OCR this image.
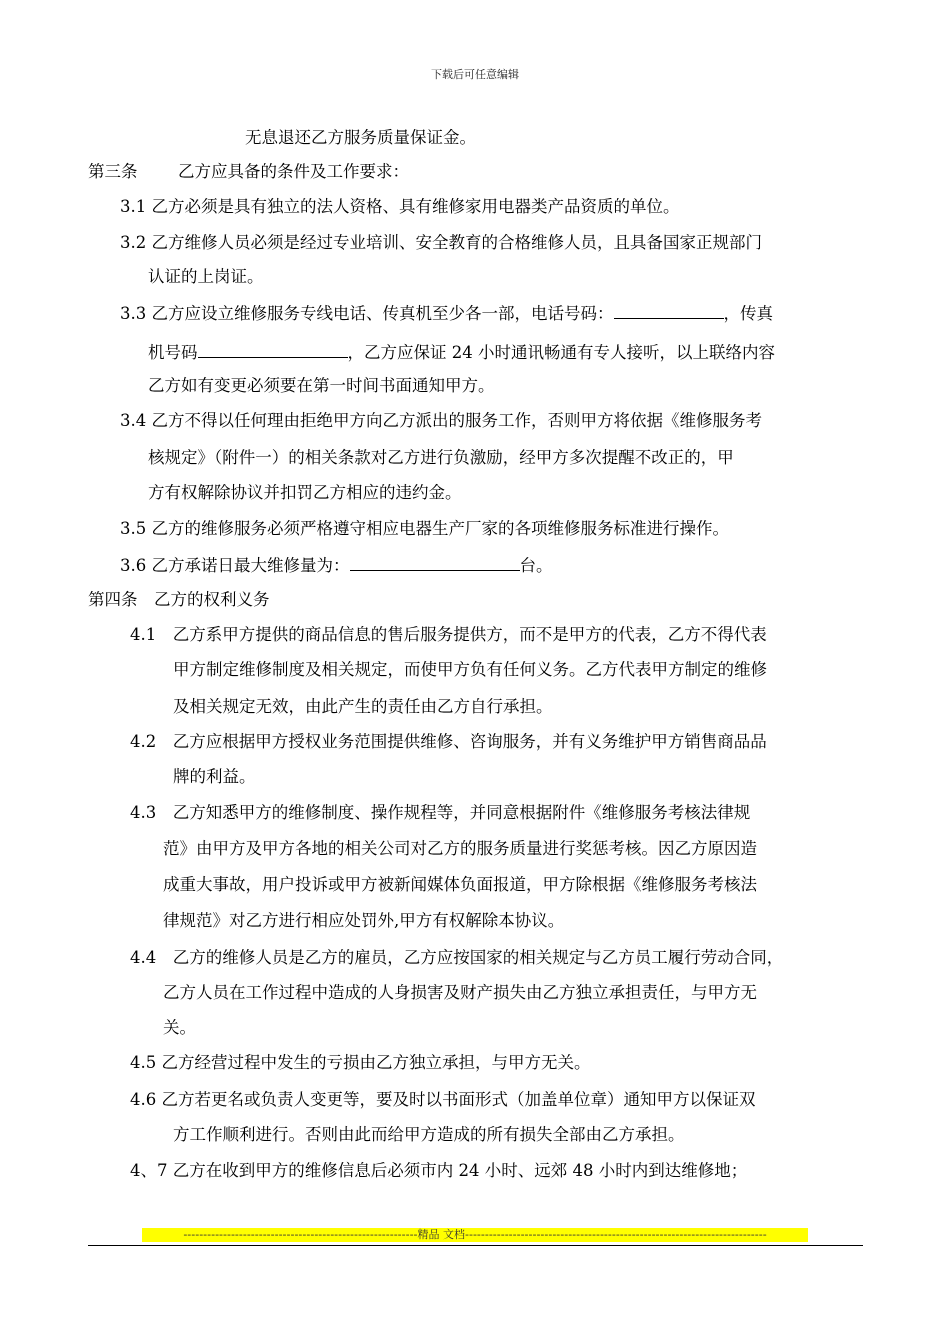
下载后可任意编辑
无息退还乙方服务质量保证金。
第三条 乙方应具备的条件及工作要求：
3.1 乙方必须是具有独立的法人资格、具有维修家用电器类产品资质的单位。
3.2 乙方维修人员必须是经过专业培训、安全教育的合格维修人员，且具备国家正规部门
认证的上岗证。
3.3 乙方应设立维修服务专线电话、传真机至少各一部，电话号码：	，传真
机号码	，乙方应保证 24 小时通讯畅通有专人接听，以上联络内容
乙方如有变更必须要在第一时间书面通知甲方。
3.4 乙方不得以任何理由拒绝甲方向乙方派出的服务工作，否则甲方将依据《维修服务考
核规定》（附件一）的相关条款对乙方进行负激励，经甲方多次提醒不改正的，甲
方有权解除协议并扣罚乙方相应的违约金。
3.5 乙方的维修服务必须严格遵守相应电器生产厂家的各项维修服务标准进行操作。
3.6 乙方承诺日最大维修量为：	台。
第四条　乙方的权利义务
4.1　乙方系甲方提供的商品信息的售后服务提供方，而不是甲方的代表，乙方不得代表
甲方制定维修制度及相关规定，而使甲方负有任何义务。乙方代表甲方制定的维修
及相关规定无效，由此产生的责任由乙方自行承担。
4.2　乙方应根据甲方授权业务范围提供维修、咨询服务，并有义务维护甲方销售商品品
牌的利益。
4.3　乙方知悉甲方的维修制度、操作规程等，并同意根据附件《维修服务考核法律规
范》由甲方及甲方各地的相关公司对乙方的服务质量进行奖惩考核。因乙方原因造
成重大事故，用户投诉或甲方被新闻媒体负面报道，甲方除根据《维修服务考核法
律规范》对乙方进行相应处罚外,甲方有权解除本协议。
4.4　乙方的维修人员是乙方的雇员，乙方应按国家的相关规定与乙方员工履行劳动合同，
乙方人员在工作过程中造成的人身损害及财产损失由乙方独立承担责任，与甲方无
关。
4.5 乙方经营过程中发生的亏损由乙方独立承担，与甲方无关。
4.6 乙方若更名或负责人变更等，要及时以书面形式（加盖单位章）通知甲方以保证双
方工作顺利进行。否则由此而给甲方造成的所有损失全部由乙方承担。
4、7 乙方在收到甲方的维修信息后必须市内 24 小时、远郊 48 小时内到达维修地；
-----------------------------------------------------------精品 文档----------------------------------------------------------------------------
